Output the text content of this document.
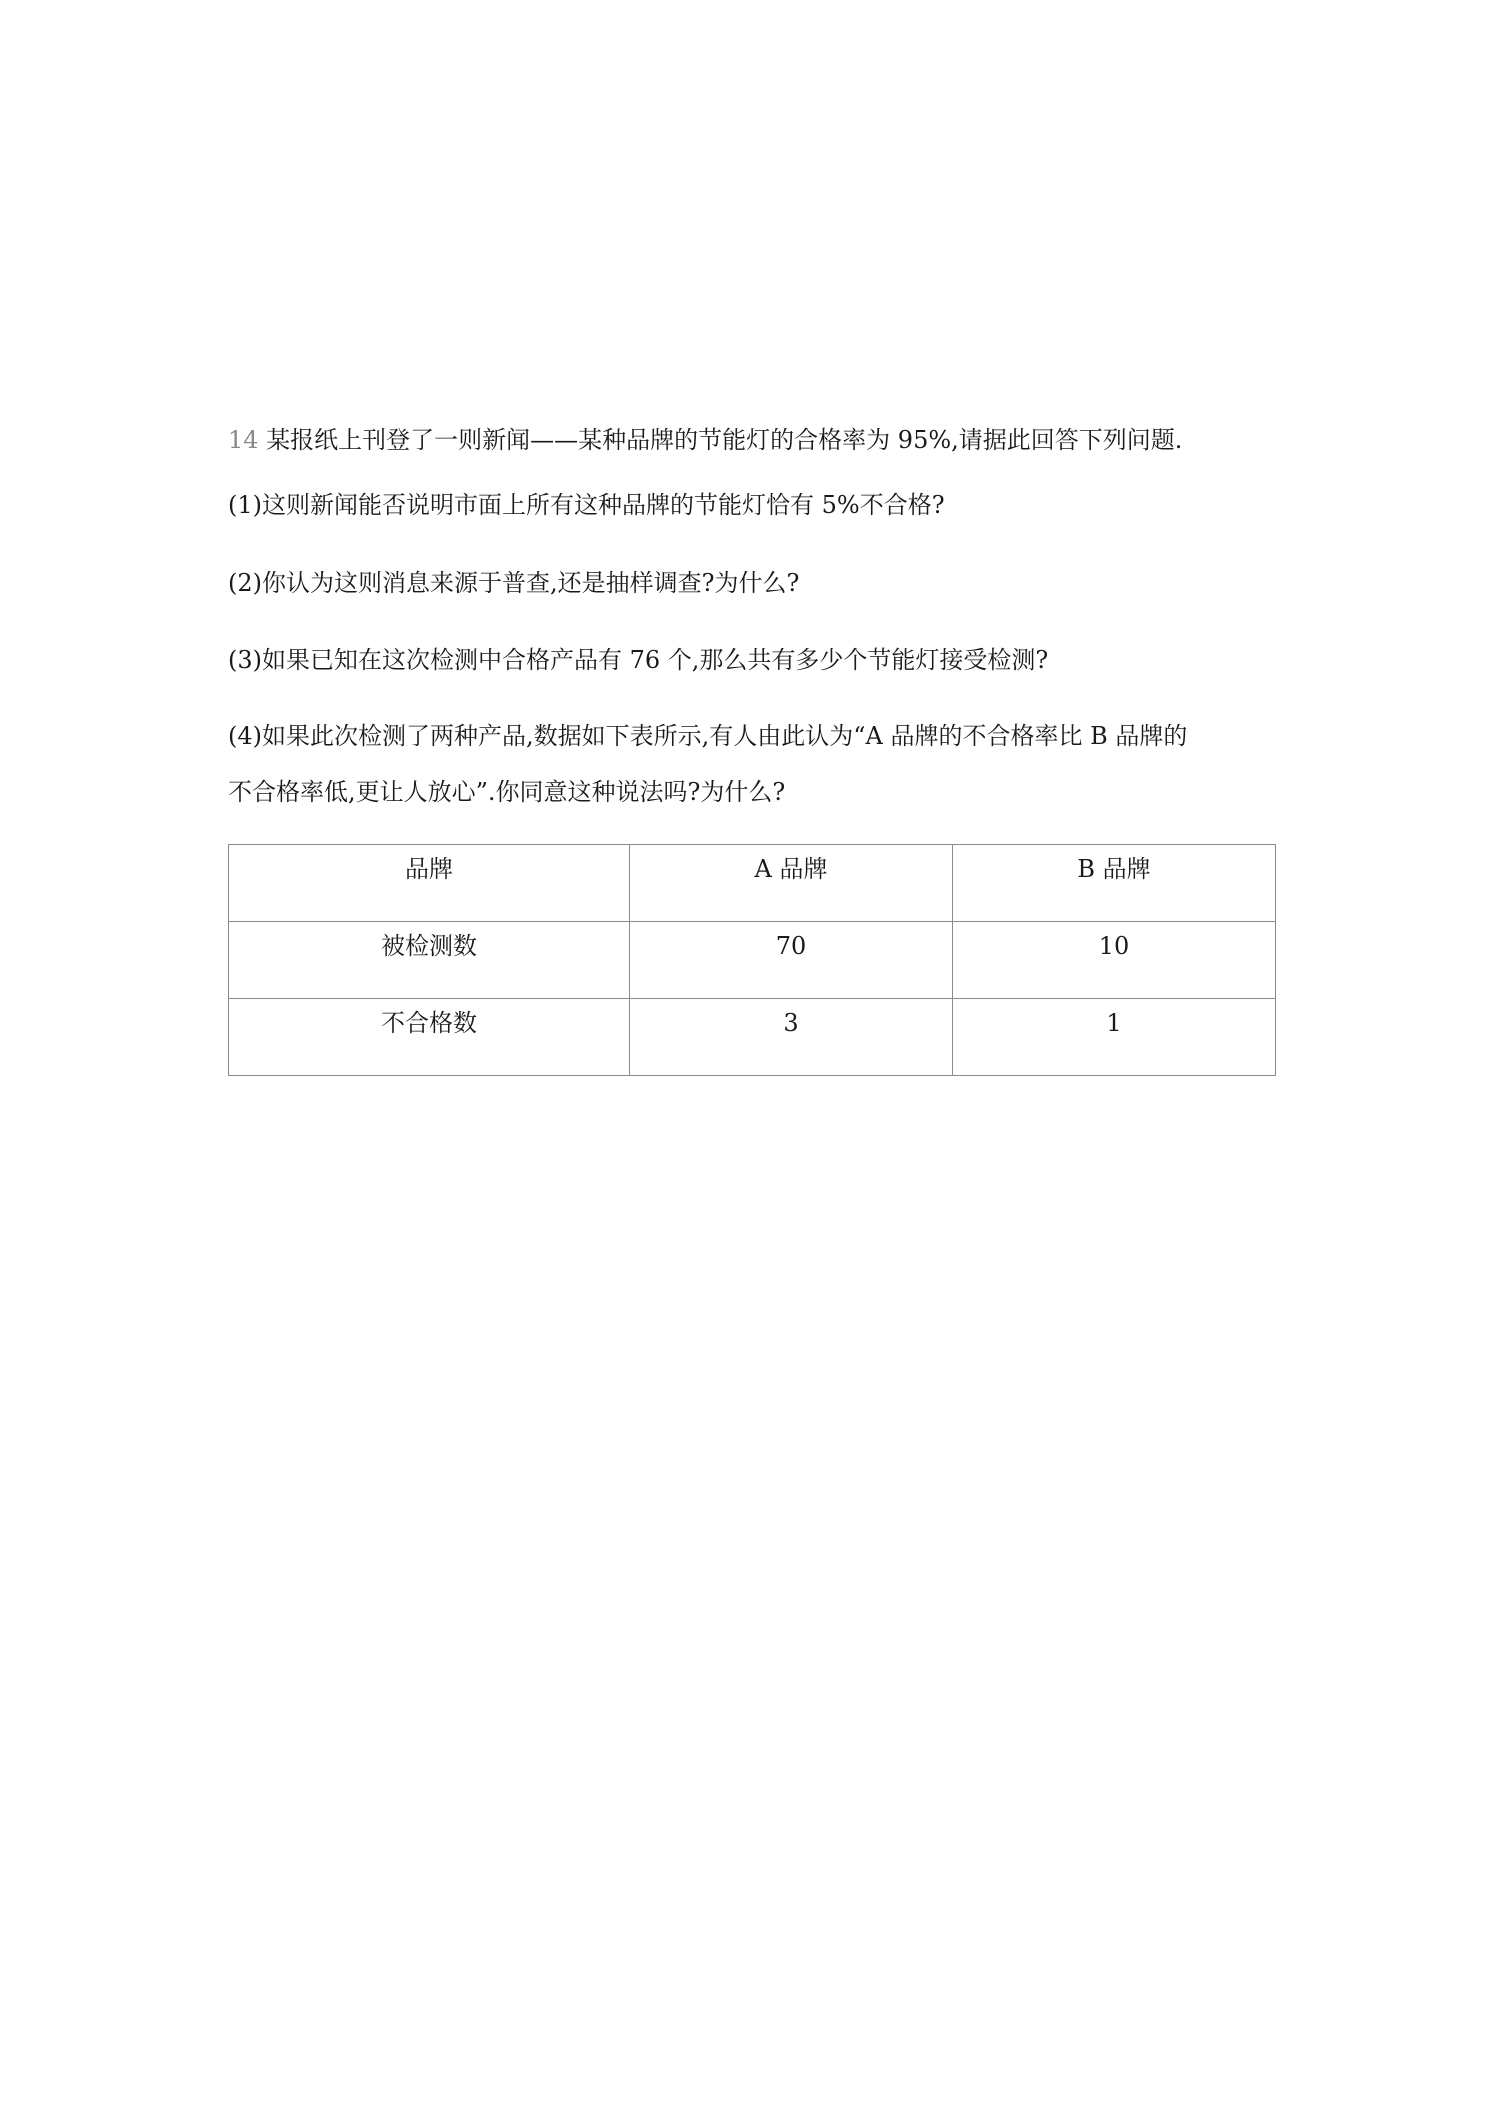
14 某报纸上刊登了一则新闻——某种品牌的节能灯的合格率为 95%,请据此回答下列问题.
(1)这则新闻能否说明市面上所有这种品牌的节能灯恰有 5%不合格?
(2)你认为这则消息来源于普查,还是抽样调查?为什么?
(3)如果已知在这次检测中合格产品有 76 个,那么共有多少个节能灯接受检测?
(4)如果此次检测了两种产品,数据如下表所示,有人由此认为“A 品牌的不合格率比 B 品牌的
不合格率低,更让人放心”.你同意这种说法吗?为什么?
品牌	A 品牌	B 品牌

被检测数	70	10

不合格数	3	1
